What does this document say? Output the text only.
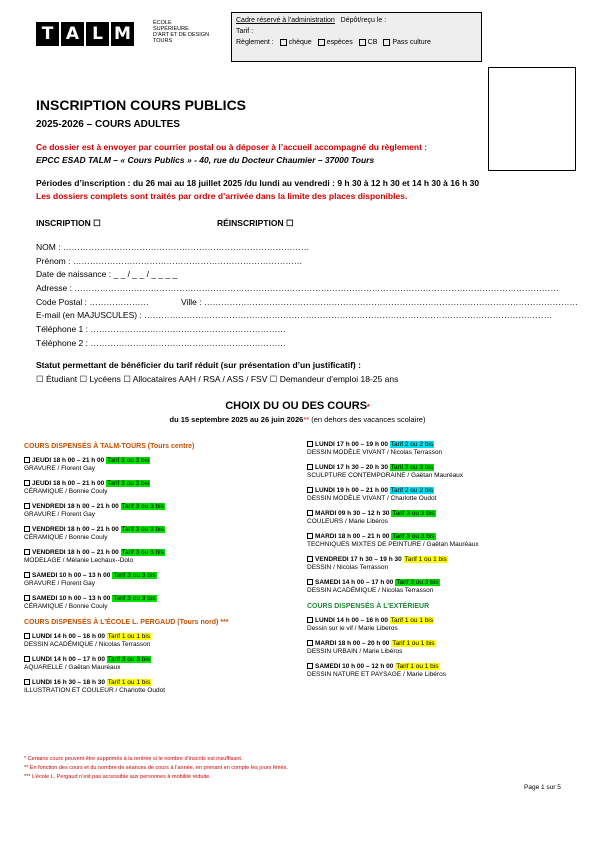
T A L M
ÉCOLE
SUPÉRIEURE
D'ART ET DE DESIGN
TOURS
Cadre réservé à l’administration Dépôt/reçu le :
Tarif :
Règlement : chèque espèces CB Pass culture
INSCRIPTION COURS PUBLICS
2025-2026 – COURS ADULTES
Ce dossier est à envoyer par courrier postal ou à déposer à l’accueil accompagné du règlement :
EPCC ESAD TALM – « Cours Publics » - 40, rue du Docteur Chaumier – 37000 Tours
Périodes d’inscription : du 26 mai au 18 juillet 2025 /du lundi au vendredi : 9 h 30 à 12 h 30 et 14 h 30 à 16 h 30
Les dossiers complets sont traités par ordre d’arrivée dans la limite des places disponibles.
INSCRIPTION ☐	RÉINSCRIPTION ☐
NOM : ……………………………………………………………………………
Prénom : ………………………………………………………………………
Date de naissance : _ _ / _ _ / _ _ _ _
Adresse : ………………………………………………………………………………………………………………………………………………………
Code Postal : …………………	Ville : ……………………………………………………………………………………………………………………
E-mail (en MAJUSCULES) : ………………………………………………………………………………………………………………………………
Téléphone 1 : ……………………………………………………………
Téléphone 2 : ……………………………………………………………
Statut permettant de bénéficier du tarif réduit (sur présentation d’un justificatif) :
☐ Étudiant ☐ Lycéens ☐ Allocataires AAH / RSA / ASS / FSV ☐ Demandeur d’emploi 18-25 ans
CHOIX DU OU DES COURS*
du 15 septembre 2025 au 26 juin 2026** (en dehors des vacances scolaire)
COURS DISPENSÉS À TALM-TOURS (Tours centre)
JEUDI 18 h 00 – 21 h 00 Tarif 3 ou 3 bis
GRAVURE / Florent Gay
JEUDI 18 h 00 – 21 h 00 Tarif 3 ou 3 bis
CÉRAMIQUE / Bonnie Couly
VENDREDI 18 h 00 – 21 h 00 Tarif 3 ou 3 bis
GRAVURE / Florent Gay
VENDREDI 18 h 00 – 21 h 00 Tarif 3 ou 3 bis
CÉRAMIQUE / Bonnie Couly
VENDREDI 18 h 00 – 21 h 00 Tarif 3 ou 3 bis
MODELAGE / Mélanie Lechaux--Dolo
SAMEDI 10 h 00 – 13 h 00 Tarif 3 ou 3 bis
GRAVURE / Florent Gay
SAMEDI 10 h 00 – 13 h 00 Tarif 3 ou 3 bis
CÉRAMIQUE / Bonnie Couly
COURS DISPENSÉS À L’ÉCOLE L. PERGAUD (Tours nord) ***
LUNDI 14 h 00 – 16 h 00 Tarif 1 ou 1 bis
DESSIN ACADÉMIQUE / Nicolas Terrasson
LUNDI 14 h 00 – 17 h 00 Tarif 3 ou 3 bis
AQUARELLE / Gaëtan Mauréaux
LUNDI 16 h 30 – 18 h 30 Tarif 1 ou 1 bis
ILLUSTRATION ET COULEUR / Charlotte Oudot
LUNDI 17 h 00 – 19 h 00 Tarif 2 ou 2 bis
DESSIN MODÈLE VIVANT / Nicolas Terrasson
LUNDI 17 h 30 – 20 h 30 Tarif 3 ou 3 bis
SCULPTURE CONTEMPORAINE / Gaëtan Mauréaux
LUNDI 19 h 00 – 21 h 00 Tarif 2 ou 2 bis
DESSIN MODÈLE VIVANT / Charlotte Oudot
MARDI 09 h 30 – 12 h 30 Tarif 3 ou 3 bis
COULEURS / Marie Libéros
MARDI 18 h 00 – 21 h 00 Tarif 3 ou 3 bis
TECHNIQUES MIXTES DE PEINTURE / Gaëtan Mauréaux
VENDREDI 17 h 30 – 19 h 30 Tarif 1 ou 1 bis
DESSIN / Nicolas Terrasson
SAMEDI 14 h 00 – 17 h 00 Tarif 3 ou 3 bis
DESSIN ACADÉMIQUE / Nicolas Terrasson
COURS DISPENSÉS À L’EXTÉRIEUR
LUNDI 14 h 00 – 16 h 00 Tarif 1 ou 1 bis
Dessin sur le vif / Marie Liberos
MARDI 18 h 00 – 20 h 00 Tarif 1 ou 1 bis
DESSIN URBAIN / Marie Libéros
SAMEDI 10 h 00 – 12 h 00 Tarif 1 ou 1 bis
DESSIN NATURE ET PAYSAGE / Marie Libéros
* Certains cours peuvent être supprimés à la rentrée si le nombre d’inscrits est insuffisant.
** En fonction des cours et du nombre de séances de cours à l’année, en prenant en compte les jours fériés.
*** L’école L. Pergaud n’est pas accessible aux personnes à mobilité réduite.
Page 1 sur 5
